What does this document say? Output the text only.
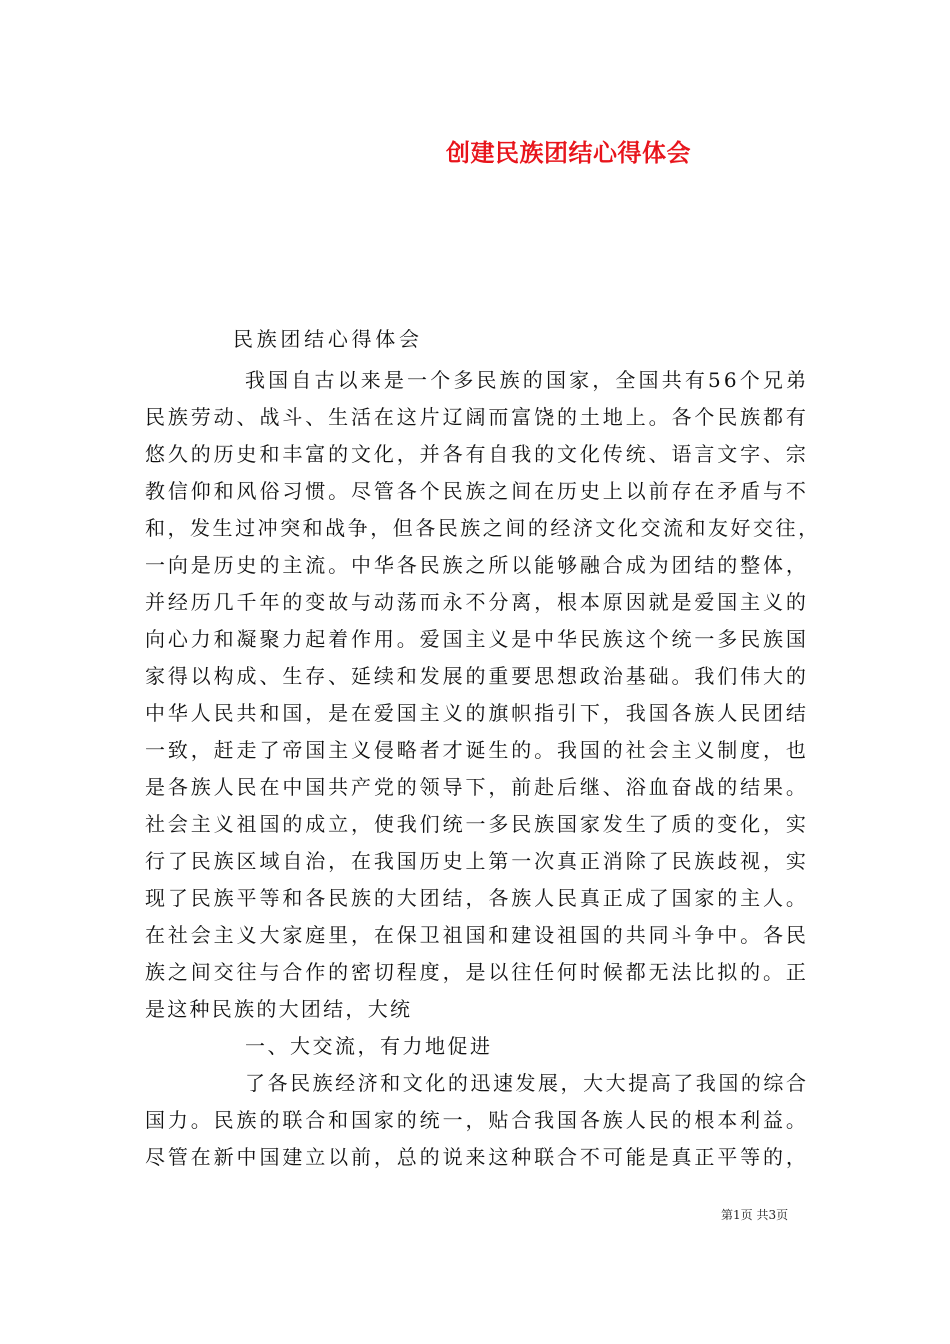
创建民族团结心得体会
民族团结心得体会
我国自古以来是一个多民族的国家，全国共有56个兄弟
民族劳动、战斗、生活在这片辽阔而富饶的土地上。各个民族都有
悠久的历史和丰富的文化，并各有自我的文化传统、语言文字、宗
教信仰和风俗习惯。尽管各个民族之间在历史上以前存在矛盾与不
和，发生过冲突和战争，但各民族之间的经济文化交流和友好交往，
一向是历史的主流。中华各民族之所以能够融合成为团结的整体，
并经历几千年的变故与动荡而永不分离，根本原因就是爱国主义的
向心力和凝聚力起着作用。爱国主义是中华民族这个统一多民族国
家得以构成、生存、延续和发展的重要思想政治基础。我们伟大的
中华人民共和国，是在爱国主义的旗帜指引下，我国各族人民团结
一致，赶走了帝国主义侵略者才诞生的。我国的社会主义制度，也
是各族人民在中国共产党的领导下，前赴后继、浴血奋战的结果。
社会主义祖国的成立，使我们统一多民族国家发生了质的变化，实
行了民族区域自治，在我国历史上第一次真正消除了民族歧视，实
现了民族平等和各民族的大团结，各族人民真正成了国家的主人。
在社会主义大家庭里，在保卫祖国和建设祖国的共同斗争中。各民
族之间交往与合作的密切程度，是以往任何时候都无法比拟的。正
是这种民族的大团结，大统
一、大交流，有力地促进
了各民族经济和文化的迅速发展，大大提高了我国的综合
国力。民族的联合和国家的统一，贴合我国各族人民的根本利益。
尽管在新中国建立以前，总的说来这种联合不可能是真正平等的，
第1页 共3页
